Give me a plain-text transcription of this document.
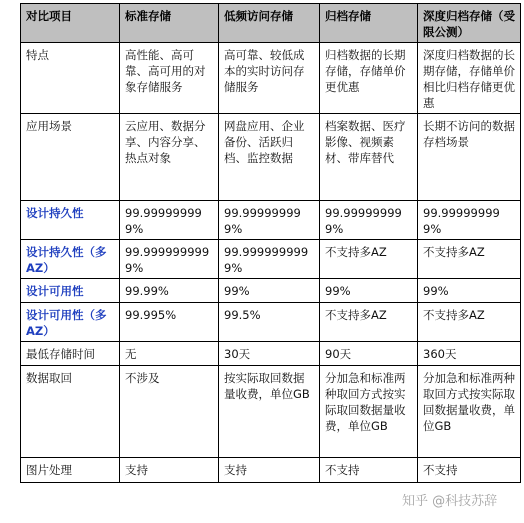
对比项目	标准存储	低频访问存储	归档存储	深度归档存储（受限公测）
特点	高性能、高可靠、高可用的对象存储服务	高可靠、较低成本的实时访问存储服务	归档数据的长期存储，存储单价更优惠	深度归档数据的长期存储，存储单价相比归档存储更优惠
应用场景	云应用、数据分享、内容分享、热点对象	网盘应用、企业备份、活跃归档、监控数据	档案数据、医疗影像、视频素材、带库替代	长期不访问的数据存档场景
设计持久性	99.999999999%	99.999999999%	99.999999999%	99.999999999%
设计持久性（多AZ）	99.9999999999%	99.9999999999%	不支持多AZ	不支持多AZ
设计可用性	99.99%	99%	99%	99%
设计可用性（多AZ）	99.995%	99.5%	不支持多AZ	不支持多AZ
最低存储时间	无	30天	90天	360天
数据取回	不涉及	按实际取回数据量收费，单位GB	分加急和标准两种取回方式按实际取回数据量收费，单位GB	分加急和标准两种取回方式按实际取回数据量收费，单位GB
图片处理	支持	支持	不支持	不支持
知乎 @科技苏辞
